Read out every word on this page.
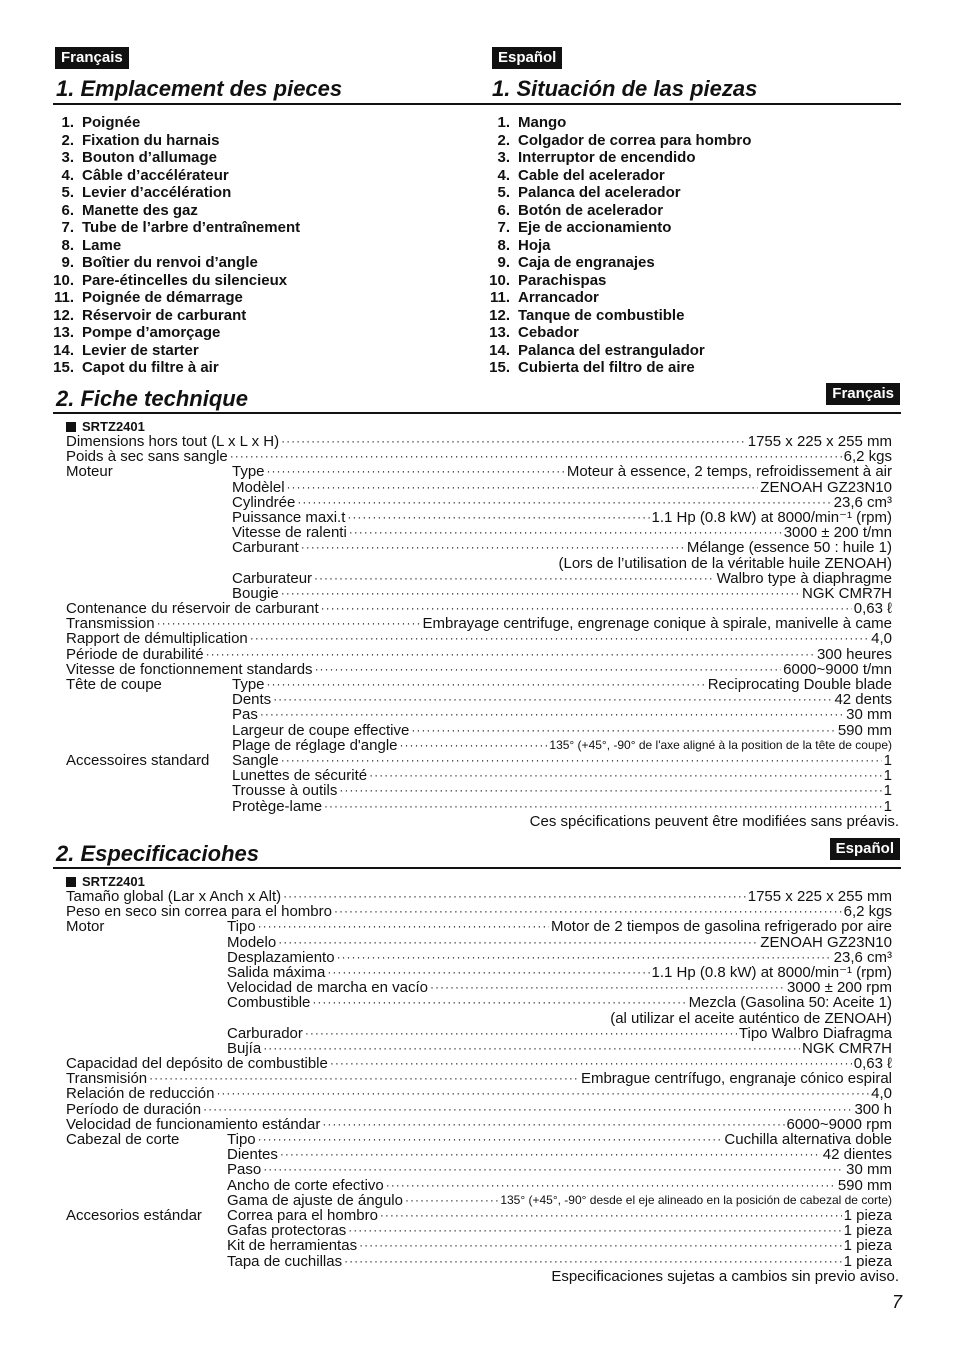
Français	Español
1. Emplacement des pieces	1. Situación de las piezas
1. Poignée
2. Fixation du harnais
3. Bouton d’allumage
4. Câble d’accélérateur
5. Levier d’accélération
6. Manette des gaz
7. Tube de l’arbre d’entraînement
8. Lame
9. Boîtier du renvoi d’angle
10. Pare-étincelles du silencieux
11. Poignée de démarrage
12. Réservoir de carburant
13. Pompe d’amorçage
14. Levier de starter
15. Capot du filtre à air
1. Mango
2. Colgador de correa para hombro
3. Interruptor de encendido
4. Cable del acelerador
5. Palanca del acelerador
6. Botón de acelerador
7. Eje de accionamiento
8. Hoja
9. Caja de engranajes
10. Parachispas
11. Arrancador
12. Tanque de combustible
13. Cebador
14. Palanca del estrangulador
15. Cubierta del filtro de aire
2. Fiche technique	Français
SRTZ2401
Dimensions hors tout (L x L x H) ·····	1755 x 225 x 255 mm
Poids à sec sans sangle ·····	6,2 kgs
Moteur	Type ·····	Moteur à essence, 2 temps, refroidissement à air
Modèlel ·····	ZENOAH GZ23N10
Cylindrée ·····	23,6 cm³
Puissance maxi.t ·····	1.1 Hp (0.8 kW) at 8000/min⁻¹ (rpm)
Vitesse de ralenti ·····	3000 ± 200 t/mn
Carburant ·····	Mélange (essence 50 : huile 1)
(Lors de l’utilisation de la véritable huile ZENOAH)
Carburateur ·····	Walbro type à diaphragme
Bougie ·····	NGK CMR7H
Contenance du réservoir de carburant ·····	0,63 ℓ
Transmission ·····	Embrayage centrifuge, engrenage conique à spirale, manivelle à came
Rapport de démultiplication ·····	4,0
Période de durabilité ·····	300 heures
Vitesse de fonctionnement standards ·····	6000~9000 t/mn
Tête de coupe	Type ·····	Reciprocating Double blade
Dents ·····	42 dents
Pas ·····	30 mm
Largeur de coupe effective ·····	590 mm
Plage de réglage d'angle ·····	135° (+45°, -90° de l'axe aligné à la position de la tête de coupe)
Accessoires standard Sangle ·····	1
Lunettes de sécurité ·····	1
Trousse à outils ·····	1
Protège-lame ·····	1
Ces spécifications peuvent être modifiées sans préavis.
2. Especificaciohes	Español
SRTZ2401
Tamaño global (Lar x Anch x Alt) ·····	1755 x 225 x 255 mm
Peso en seco sin correa para el hombro ·····	6,2 kgs
Motor	Tipo ·····	Motor de 2 tiempos de gasolina refrigerado por aire
Modelo ·····	ZENOAH GZ23N10
Desplazamiento ·····	23,6 cm³
Salida máxima ·····	1.1 Hp (0.8 kW) at 8000/min⁻¹ (rpm)
Velocidad de marcha en vacío ·····	3000 ± 200 rpm
Combustible ·····	Mezcla (Gasolina 50: Aceite 1)
(al utilizar el aceite auténtico de ZENOAH)
Carburador ·····	Tipo Walbro Diafragma
Bujía ·····	NGK CMR7H
Capacidad del depósito de combustible ·····	0,63 ℓ
Transmisión ·····	Embrague centrífugo, engranaje cónico espiral
Relación de reducción ·····	4,0
Período de duración ·····	300 h
Velocidad de funcionamiento estándar ·····	6000~9000 rpm
Cabezal de corte	Tipo ·····	Cuchilla alternativa doble
Dientes ·····	42 dientes
Paso ·····	30 mm
Ancho de corte efectivo ·····	590 mm
Gama de ajuste de ángulo ·····	135° (+45°, -90° desde el eje alineado en la posición de cabezal de corte)
Accesorios estándar Correa para el hombro ·····	1 pieza
Gafas protectoras ·····	1 pieza
Kit de herramientas ·····	1 pieza
Tapa de cuchillas ·····	1 pieza
Especificaciones sujetas a cambios sin previo aviso.
7
